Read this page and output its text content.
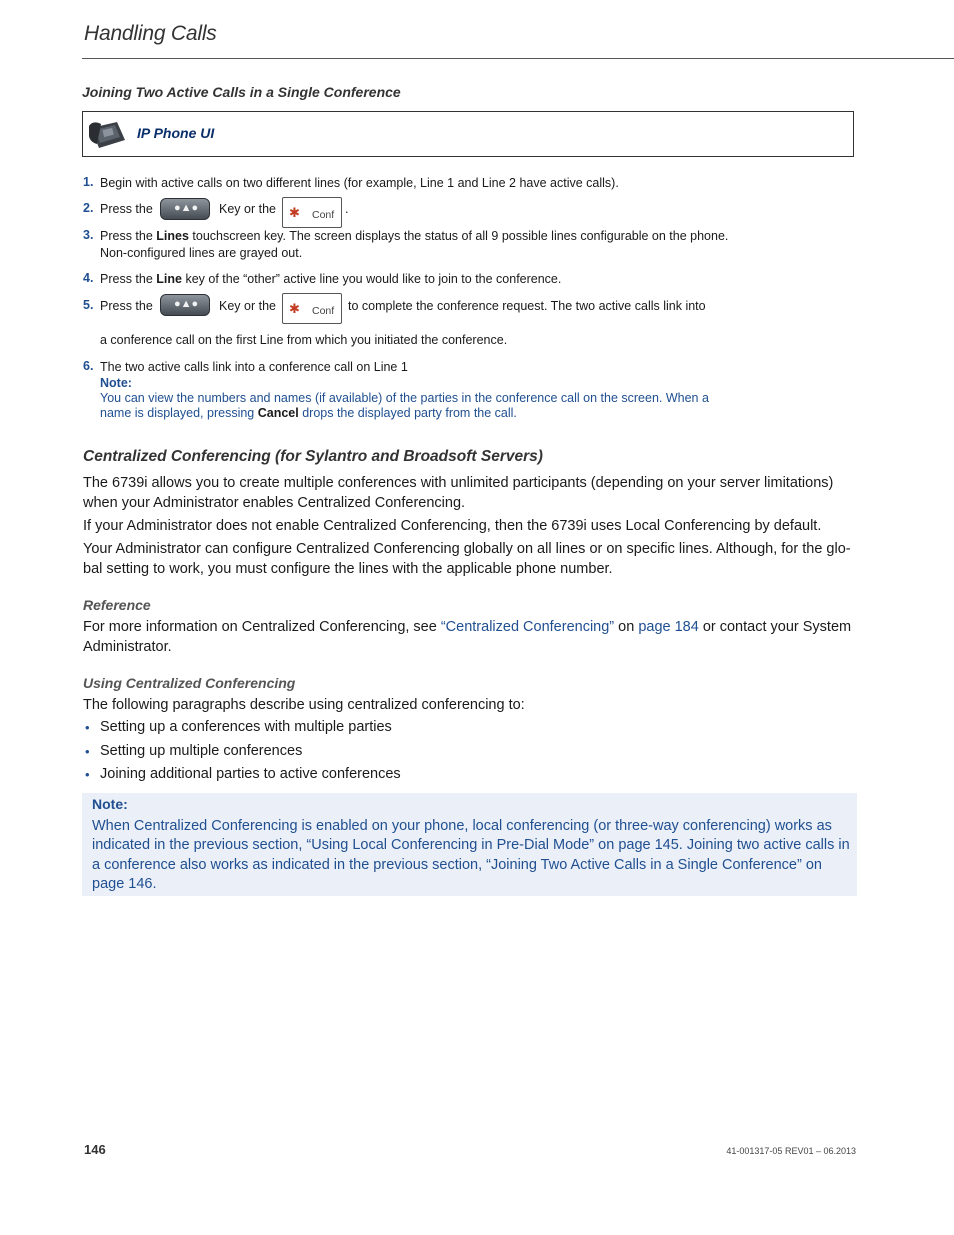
Handling Calls
Joining Two Active Calls in a Single Conference
IP Phone UI
1. Begin with active calls on two different lines (for example, Line 1 and Line 2 have active calls).
2. Press the ●▲● Key or the ✱ Conf .
3. Press the Lines touchscreen key. The screen displays the status of all 9 possible lines configurable on the phone.
Non-configured lines are grayed out.
4. Press the Line key of the “other” active line you would like to join to the conference.
5. Press the ●▲● Key or the ✱ Conf to complete the conference request. The two active calls link into
a conference call on the first Line from which you initiated the conference.
6. The two active calls link into a conference call on Line 1
Note:
You can view the numbers and names (if available) of the parties in the conference call on the screen. When a
name is displayed, pressing Cancel drops the displayed party from the call.
Centralized Conferencing (for Sylantro and Broadsoft Servers)
The 6739i allows you to create multiple conferences with unlimited participants (depending on your server limitations) when your Administrator enables Centralized Conferencing.
If your Administrator does not enable Centralized Conferencing, then the 6739i uses Local Conferencing by default.
Your Administrator can configure Centralized Conferencing globally on all lines or on specific lines. Although, for the glo-bal setting to work, you must configure the lines with the applicable phone number.
Reference
For more information on Centralized Conferencing, see “Centralized Conferencing” on page 184 or contact your System Administrator.
Using Centralized Conferencing
The following paragraphs describe using centralized conferencing to:
• Setting up a conferences with multiple parties
• Setting up multiple conferences
• Joining additional parties to active conferences
Note:
When Centralized Conferencing is enabled on your phone, local conferencing (or three-way conferencing) works as indicated in the previous section, “Using Local Conferencing in Pre-Dial Mode” on page 145. Joining two active calls in a conference also works as indicated in the previous section, “Joining Two Active Calls in a Single Conference” on page 146.
146	41-001317-05 REV01 – 06.2013
